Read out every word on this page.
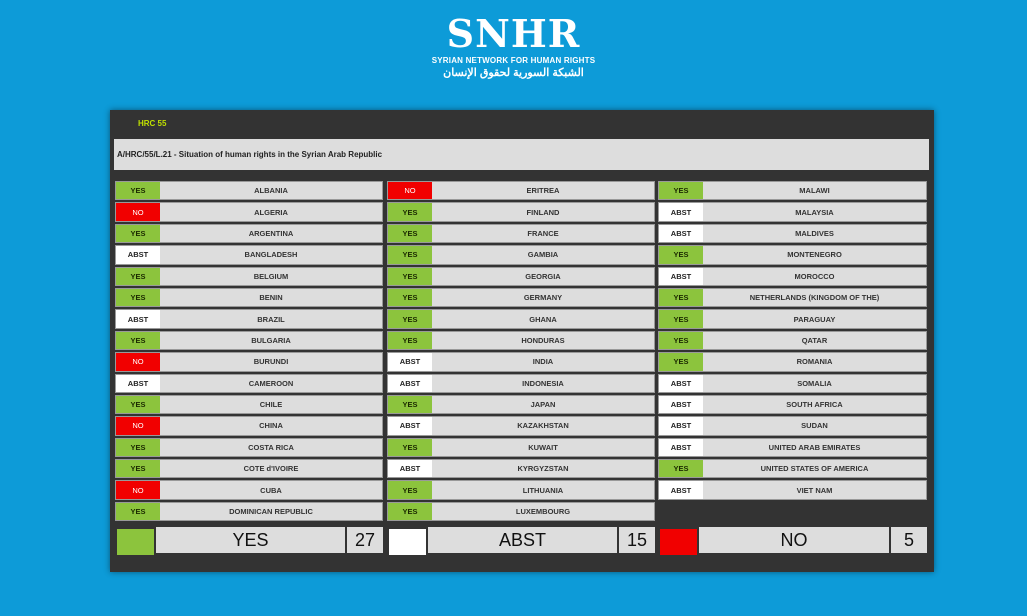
SNHR
SYRIAN NETWORK FOR HUMAN RIGHTS
الشبكة السورية لحقوق الإنسان
HRC 55
A/HRC/55/L.21 - Situation of human rights in the Syrian Arab Republic
YES	ALBANIA
NO	ALGERIA
YES	ARGENTINA
ABST	BANGLADESH
YES	BELGIUM
YES	BENIN
ABST	BRAZIL
YES	BULGARIA
NO	BURUNDI
ABST	CAMEROON
YES	CHILE
NO	CHINA
YES	COSTA RICA
YES	COTE d'IVOIRE
NO	CUBA
YES	DOMINICAN REPUBLIC
NO	ERITREA
YES	FINLAND
YES	FRANCE
YES	GAMBIA
YES	GEORGIA
YES	GERMANY
YES	GHANA
YES	HONDURAS
ABST	INDIA
ABST	INDONESIA
YES	JAPAN
ABST	KAZAKHSTAN
YES	KUWAIT
ABST	KYRGYZSTAN
YES	LITHUANIA
YES	LUXEMBOURG
YES	MALAWI
ABST	MALAYSIA
ABST	MALDIVES
YES	MONTENEGRO
ABST	MOROCCO
YES	NETHERLANDS (KINGDOM OF THE)
YES	PARAGUAY
YES	QATAR
YES	ROMANIA
ABST	SOMALIA
ABST	SOUTH AFRICA
ABST	SUDAN
ABST	UNITED ARAB EMIRATES
YES	UNITED STATES OF AMERICA
ABST	VIET NAM
YES	27	ABST	15	NO	5
